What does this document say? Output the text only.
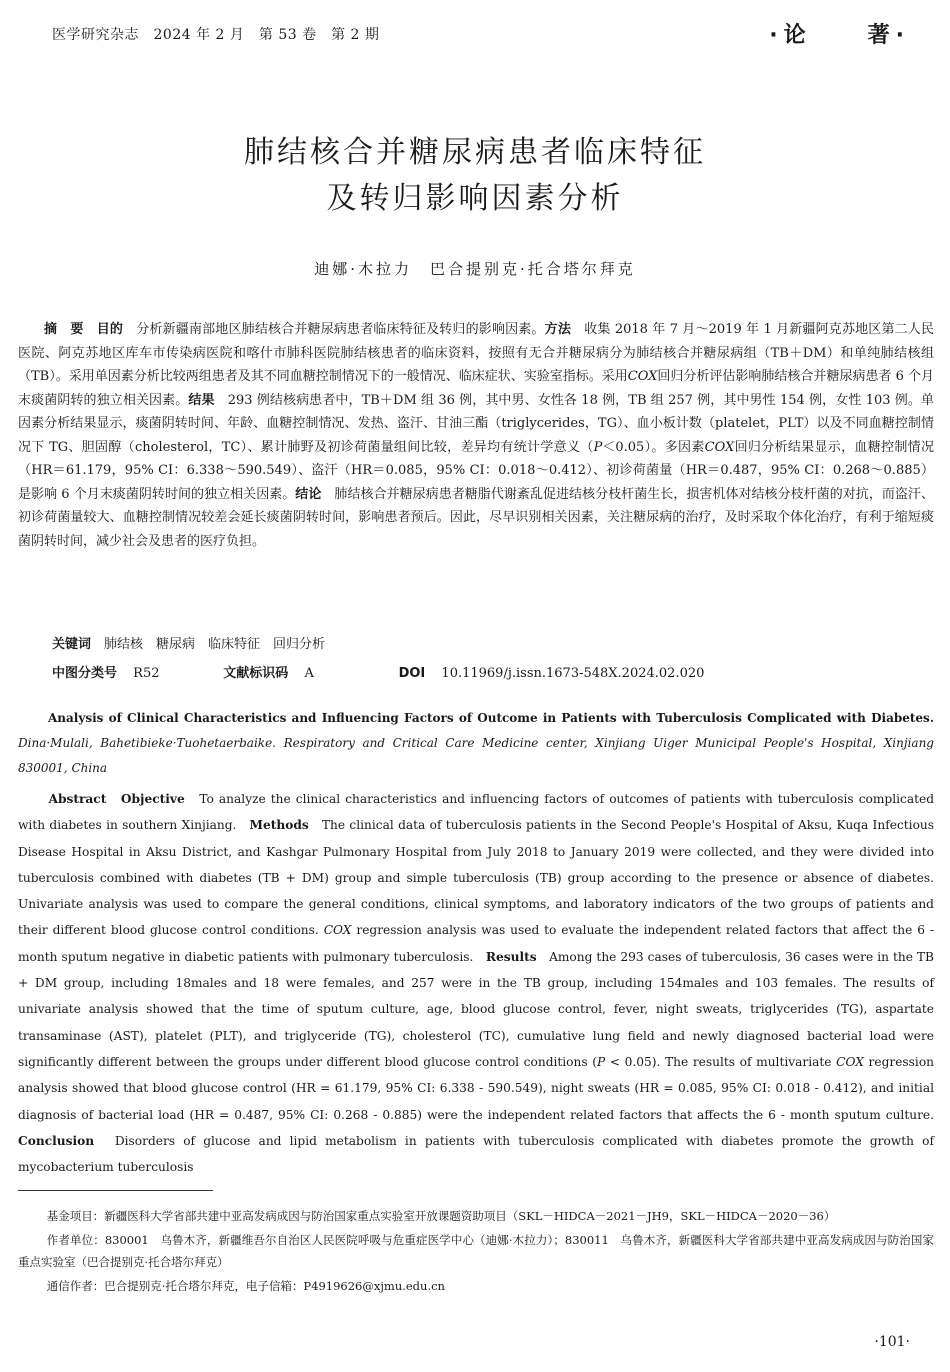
医学研究杂志　2024 年 2 月　第 53 卷　第 2 期	·论　　著·
肺结核合并糖尿病患者临床特征
及转归影响因素分析
迪娜·木拉力　巴合提别克·托合塔尔拜克

摘　要　 目的　 分析新疆南部地区肺结核合并糖尿病患者临床特征及转归的影响因素。方法　 收集 2018 年 7 月～2019 年 1 月新疆阿克苏地区第二人民医院、阿克苏地区库车市传染病医院和喀什市肺科医院肺结核患者的临床资料，按照有无合并糖尿病分为肺结核合并糖尿病组（TB＋DM）和单纯肺结核组（TB）。采用单因素分析比较两组患者及其不同血糖控制情况下的一般情况、临床症状、实验室指标。采用COX回归分析评估影响肺结核合并糖尿病患者 6 个月末痰菌阴转的独立相关因素。结果　 293 例结核病患者中，TB＋DM 组 36 例，其中男、女性各 18 例，TB 组 257 例，其中男性 154 例，女性 103 例。单因素分析结果显示，痰菌阴转时间、年龄、血糖控制情况、发热、盗汗、甘油三酯（triglycerides，TG）、血小板计数（platelet，PLT）以及不同血糖控制情况下 TG、胆固醇（cholesterol，TC）、累计肺野及初诊荷菌量组间比较，差异均有统计学意义（P＜0.05）。多因素COX回归分析结果显示，血糖控制情况（HR＝61.179，95% CI：6.338～590.549）、盗汗（HR＝0.085，95% CI：0.018～0.412）、初诊荷菌量（HR＝0.487，95% CI：0.268～0.885）是影响 6 个月末痰菌阴转时间的独立相关因素。结论　 肺结核合并糖尿病患者糖脂代谢紊乱促进结核分枝杆菌生长，损害机体对结核分枝杆菌的对抗，而盗汗、初诊荷菌量较大、血糖控制情况较差会延长痰菌阴转时间，影响患者预后。因此，尽早识别相关因素，关注糖尿病的治疗，及时采取个体化治疗，有利于缩短痰菌阴转时间，减少社会及患者的医疗负担。

关键词　 肺结核　糖尿病　临床特征　回归分析
中图分类号 R52	文献标识码 A	DOI 10.11969/j.issn.1673-548X.2024.02.020

Analysis of Clinical Characteristics and Influencing Factors of Outcome in Patients with Tuberculosis Complicated with Diabetes.　Dina·Mulali, Bahetibieke·Tuohetaerbaike. Respiratory and Critical Care Medicine center, Xinjiang Uiger Municipal People's Hospital, Xinjiang 830001, China

Abstract　 Objective　 To analyze the clinical characteristics and influencing factors of outcomes of patients with tuberculosis complicated with diabetes in southern Xinjiang.　 Methods　 The clinical data of tuberculosis patients in the Second People's Hospital of Aksu, Kuqa Infectious Disease Hospital in Aksu District, and Kashgar Pulmonary Hospital from July 2018 to January 2019 were collected, and they were divided into tuberculosis combined with diabetes (TB + DM) group and simple tuberculosis (TB) group according to the presence or absence of diabetes. Univariate analysis was used to compare the general conditions, clinical symptoms, and laboratory indicators of the two groups of patients and their different blood glucose control conditions. COX regression analysis was used to evaluate the independent related factors that affect the 6 - month sputum negative in diabetic patients with pulmonary tuberculosis.　 Results　 Among the 293 cases of tuberculosis, 36 cases were in the TB + DM group, including 18males and 18 were females, and 257 were in the TB group, including 154males and 103 females. The results of univariate analysis showed that the time of sputum culture, age, blood glucose control, fever, night sweats, triglycerides (TG), aspartate transaminase (AST), platelet (PLT), and triglyceride (TG), cholesterol (TC), cumulative lung field and newly diagnosed bacterial load were significantly different between the groups under different blood glucose control conditions (P < 0.05). The results of multivariate COX regression analysis showed that blood glucose control (HR = 61.179, 95% CI: 6.338 - 590.549), night sweats (HR = 0.085, 95% CI: 0.018 - 0.412), and initial diagnosis of bacterial load (HR = 0.487, 95% CI: 0.268 - 0.885) were the independent related factors that affects the 6 - month sputum culture.　Conclusion　 Disorders of glucose and lipid metabolism in patients with tuberculosis complicated with diabetes promote the growth of mycobacterium tuberculosis

基金项目：新疆医科大学省部共建中亚高发病成因与防治国家重点实验室开放课题资助项目（SKL－HIDCA－2021－JH9，SKL－HIDCA－2020－36）

作者单位：830001　乌鲁木齐，新疆维吾尔自治区人民医院呼吸与危重症医学中心（迪娜·木拉力）；830011　乌鲁木齐，新疆医科大学省部共建中亚高发病成因与防治国家重点实验室（巴合提别克·托合塔尔拜克）

通信作者：巴合提别克·托合塔尔拜克，电子信箱：P4919626@xjmu.edu.cn

·101·
